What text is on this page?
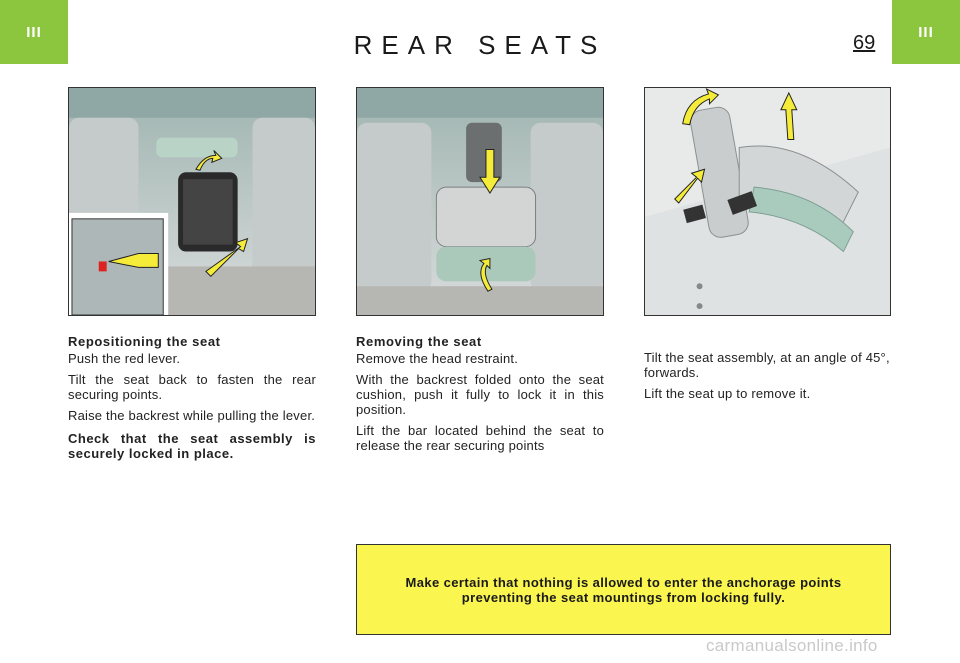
III	III
REAR SEATS	69
Repositioning the seat

Push the red lever.

Tilt the seat back to fasten the rear securing points.

Raise the backrest while pulling the lever.

Check that the seat assembly is securely locked in place.

Removing the seat

Remove the head restraint.

With the backrest folded onto the seat cushion, push it fully to lock it in this position.

Lift the bar located behind the seat to release the rear securing points

Tilt the seat assembly, at an angle of 45°, forwards.

Lift the seat up to remove it.

Make certain that nothing is allowed to enter the anchorage points preventing the seat mountings from locking fully.
carmanualsonline.info
